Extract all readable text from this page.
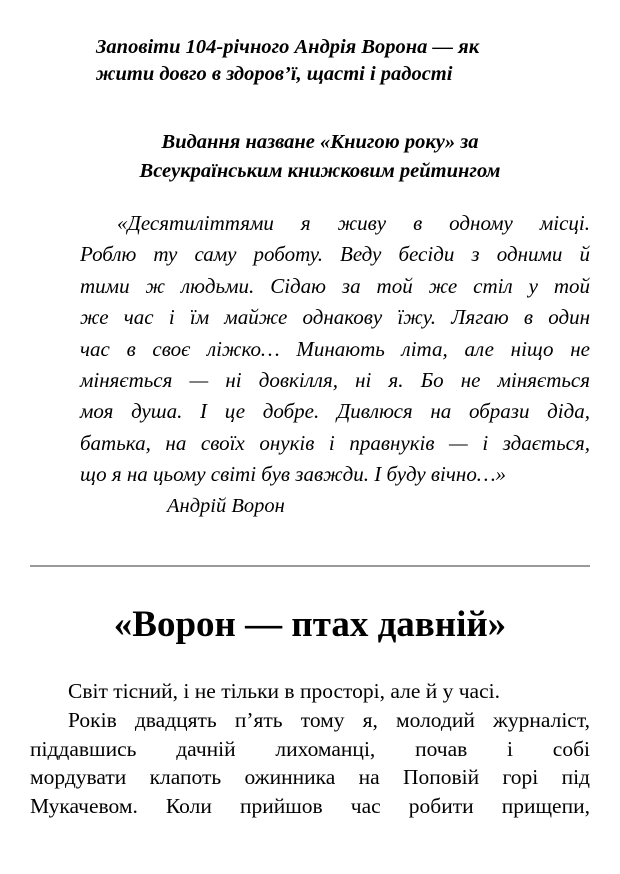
Заповіти 104-річного Андрія Ворона — як
жити довго в здоров’ї, щасті і радості
Видання назване «Книгою року» за
Всеукраїнським книжковим рейтингом
«Десятиліттями я живу в одному місці.
Роблю ту саму роботу. Веду бесіди з одними й
тими ж людьми. Сідаю за той же стіл у той
же час і їм майже однакову їжу. Лягаю в один
час в своє ліжко… Минають літа, але ніщо не
міняється — ні довкілля, ні я. Бо не міняється
моя душа. І це добре. Дивлюся на образи діда,
батька, на своїх онуків і правнуків — і здається,
що я на цьому світі був завжди. І буду вічно…»
Андрій Ворон
«Ворон — птах давній»
Світ тісний, і не тільки в просторі, але й у часі.
Років двадцять п’ять тому я, молодий журналіст,
піддавшись дачній лихоманці, почав і собі
мордувати клапоть ожинника на Поповій горі під
Мукачевом. Коли прийшов час робити прищепи,
